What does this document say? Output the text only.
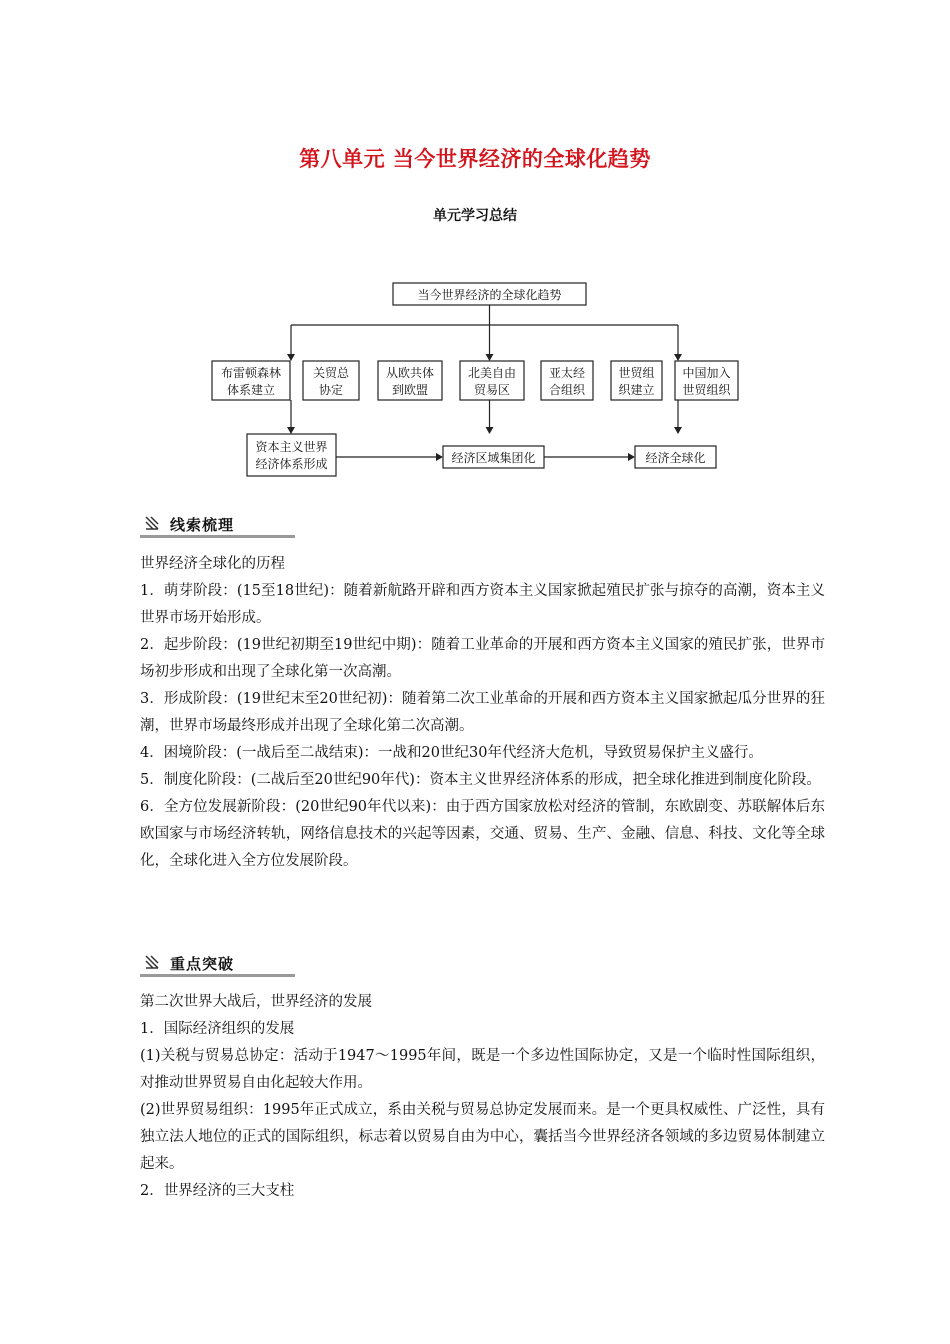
第八单元 当今世界经济的全球化趋势
单元学习总结
当今世界经济的全球化趋势
布雷顿森林
体系建立
关贸总
协定
从欧共体
到欧盟
北美自由
贸易区
亚太经
合组织
世贸组
织建立
中国加入
世贸组织
资本主义世界
经济体系形成	经济区域集团化	经济全球化
线索梳理

世界经济全球化的历程

1．萌芽阶段：(15至18世纪)：随着新航路开辟和西方资本主义国家掀起殖民扩张与掠夺的高潮，资本主义世界市场开始形成。

2．起步阶段：(19世纪初期至19世纪中期)：随着工业革命的开展和西方资本主义国家的殖民扩张，世界市场初步形成和出现了全球化第一次高潮。

3．形成阶段：(19世纪末至20世纪初)：随着第二次工业革命的开展和西方资本主义国家掀起瓜分世界的狂潮，世界市场最终形成并出现了全球化第二次高潮。

4．困境阶段：(一战后至二战结束)：一战和20世纪30年代经济大危机，导致贸易保护主义盛行。

5．制度化阶段：(二战后至20世纪90年代)：资本主义世界经济体系的形成，把全球化推进到制度化阶段。

6．全方位发展新阶段：(20世纪90年代以来)：由于西方国家放松对经济的管制，东欧剧变、苏联解体后东欧国家与市场经济转轨，网络信息技术的兴起等因素，交通、贸易、生产、金融、信息、科技、文化等全球化，全球化进入全方位发展阶段。

重点突破

第二次世界大战后，世界经济的发展

1．国际经济组织的发展

(1)关税与贸易总协定：活动于1947～1995年间，既是一个多边性国际协定，又是一个临时性国际组织，对推动世界贸易自由化起较大作用。

(2)世界贸易组织：1995年正式成立，系由关税与贸易总协定发展而来。是一个更具权威性、广泛性，具有独立法人地位的正式的国际组织，标志着以贸易自由为中心，囊括当今世界经济各领域的多边贸易体制建立起来。

2．世界经济的三大支柱
